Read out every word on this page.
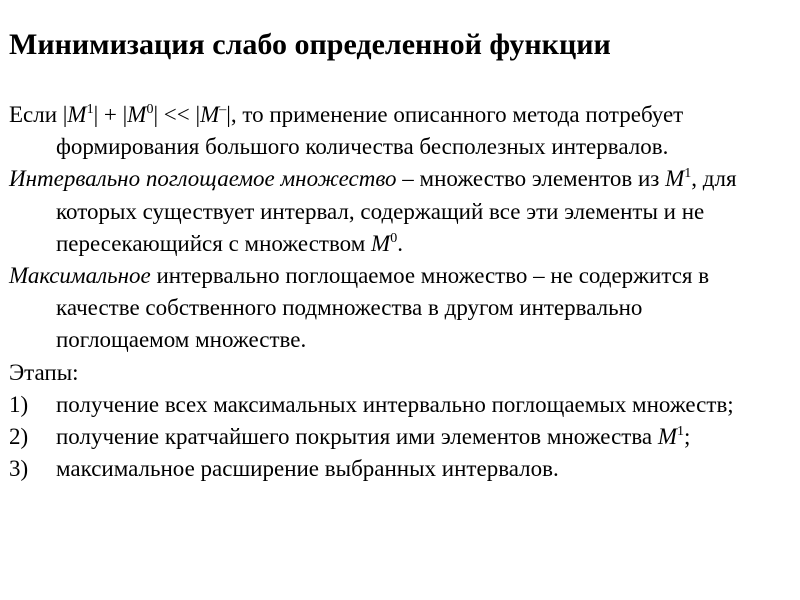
Минимизация слабо определенной функции

Если $|M^1| + |M^0| << |M^-|$, то применение описанного метода потребует формирования большого количества бесполезных интервалов.

Интервально поглощаемое множество – множество элементов из $M^1$, для которых существует интервал, содержащий все эти элементы и не пересекающийся с множеством $M^0$.

Максимальное интервально поглощаемое множество – не содержится в качестве собственного подмножества в другом интервально поглощаемом множестве.

Этапы:

1) получение всех максимальных интервально поглощаемых множеств;

2) получение кратчайшего покрытия ими элементов множества $M^1$;

3) максимальное расширение выбранных интервалов.
